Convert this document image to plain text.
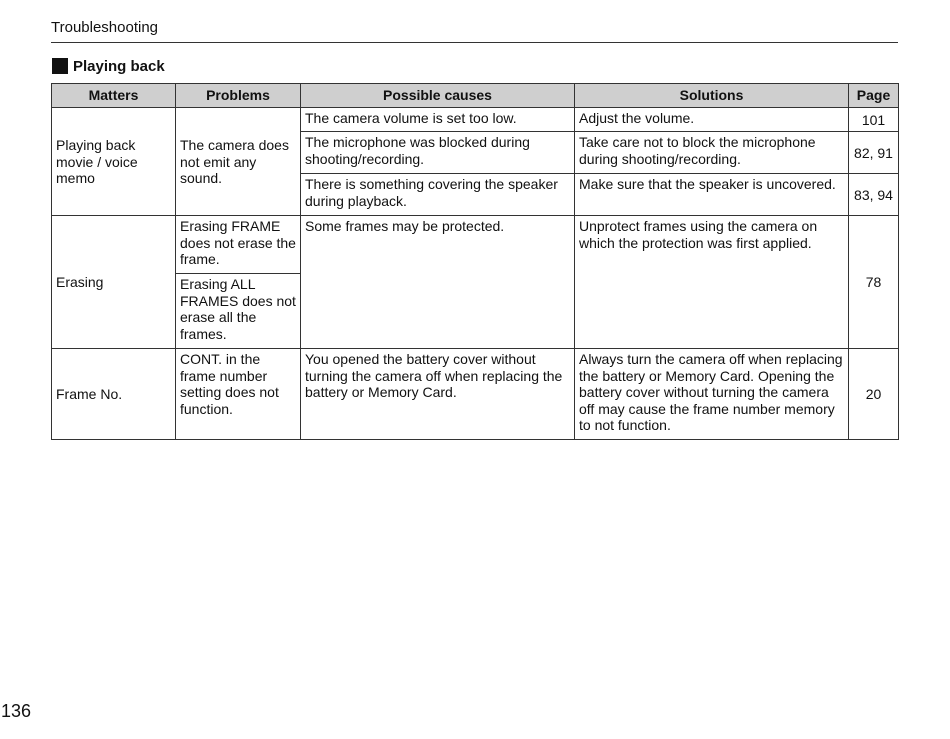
Troubleshooting
Playing back
Matters	Problems	Possible causes	Solutions	Page
Playing back movie / voice memo	The camera does not emit any sound.	The camera volume is set too low.	Adjust the volume.	101
		The microphone was blocked during shooting/recording.	Take care not to block the microphone during shooting/recording.	82, 91
		There is something covering the speaker during playback.	Make sure that the speaker is uncovered.	83, 94
Erasing	Erasing FRAME does not erase the frame.	Some frames may be protected.	Unprotect frames using the camera on which the protection was first applied.	78
	Erasing ALL FRAMES does not erase all the frames.			
Frame No.	CONT. in the frame number setting does not function.	You opened the battery cover without turning the camera off when replacing the battery or Memory Card.	Always turn the camera off when replacing the battery or Memory Card. Opening the battery cover without turning the camera off may cause the frame number memory to not function.	20
136
